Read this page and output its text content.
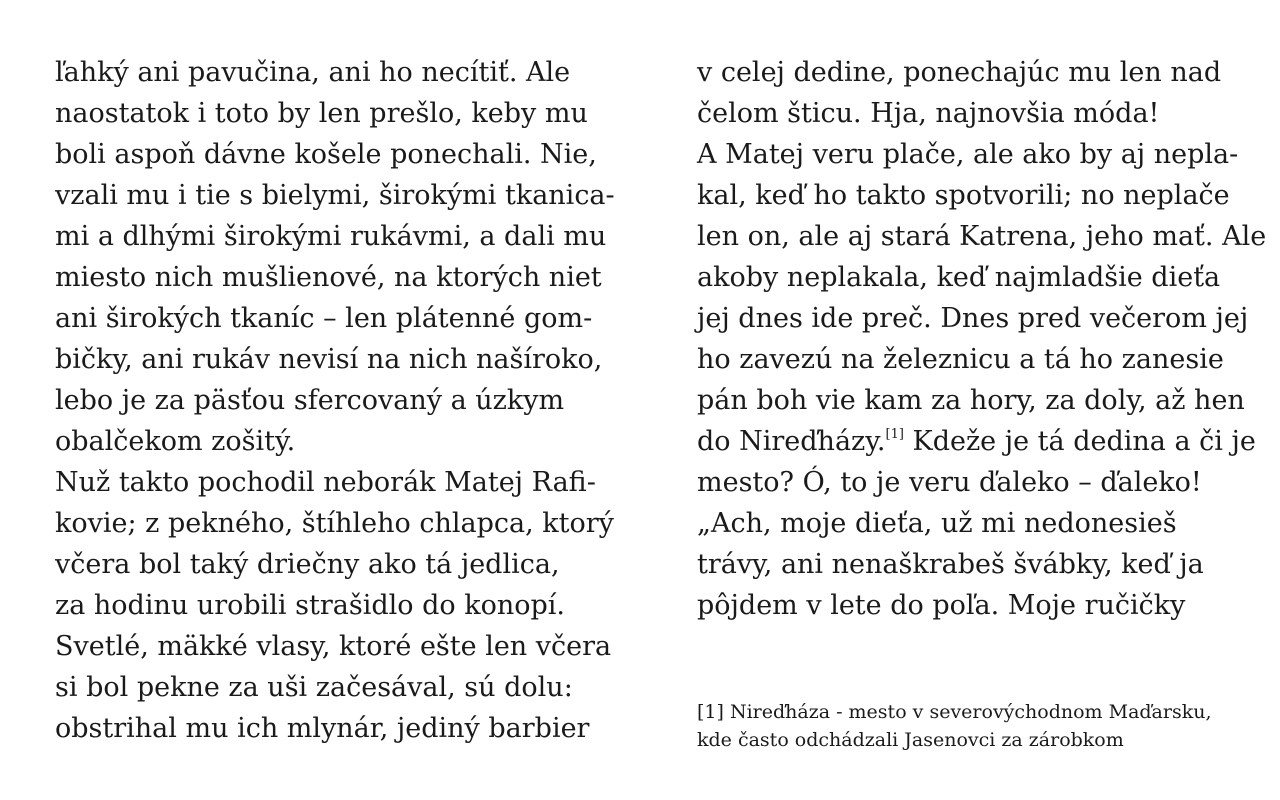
ľahký ani pavučina, ani ho necítiť. Ale
naostatok i toto by len prešlo, keby mu
boli aspoň dávne košele ponechali. Nie,
vzali mu i tie s bielymi, širokými tkanica-
mi a dlhými širokými rukávmi, a dali mu
miesto nich mušlienové, na ktorých niet
ani širokých tkaníc – len plátenné gom-
bičky, ani rukáv nevisí na nich našíroko,
lebo je za päsťou sfercovaný a úzkym
obalčekom zošitý.
Nuž takto pochodil neborák Matej Rafi-
kovie; z pekného, štíhleho chlapca, ktorý
včera bol taký driečny ako tá jedlica,
za hodinu urobili strašidlo do konopí.
Svetlé, mäkké vlasy, ktoré ešte len včera
si bol pekne za uši začesával, sú dolu:
obstrihal mu ich mlynár, jediný barbier
v celej dedine, ponechajúc mu len nad
čelom šticu. Hja, najnovšia móda!
A Matej veru plače, ale ako by aj nepla-
kal, keď ho takto spotvorili; no neplače
len on, ale aj stará Katrena, jeho mať. Ale
akoby neplakala, keď najmladšie dieťa
jej dnes ide preč. Dnes pred večerom jej
ho zavezú na železnicu a tá ho zanesie
pán boh vie kam za hory, za doly, až hen
do Nireďházy.[1] Kdeže je tá dedina a či je
mesto? Ó, to je veru ďaleko – ďaleko!
„Ach, moje dieťa, už mi nedonesieš
trávy, ani nenaškrabeš švábky, keď ja
pôjdem v lete do poľa. Moje ručičky
[1] Nireďháza - mesto v severovýchodnom Maďarsku,
kde často odchádzali Jasenovci za zárobkom
